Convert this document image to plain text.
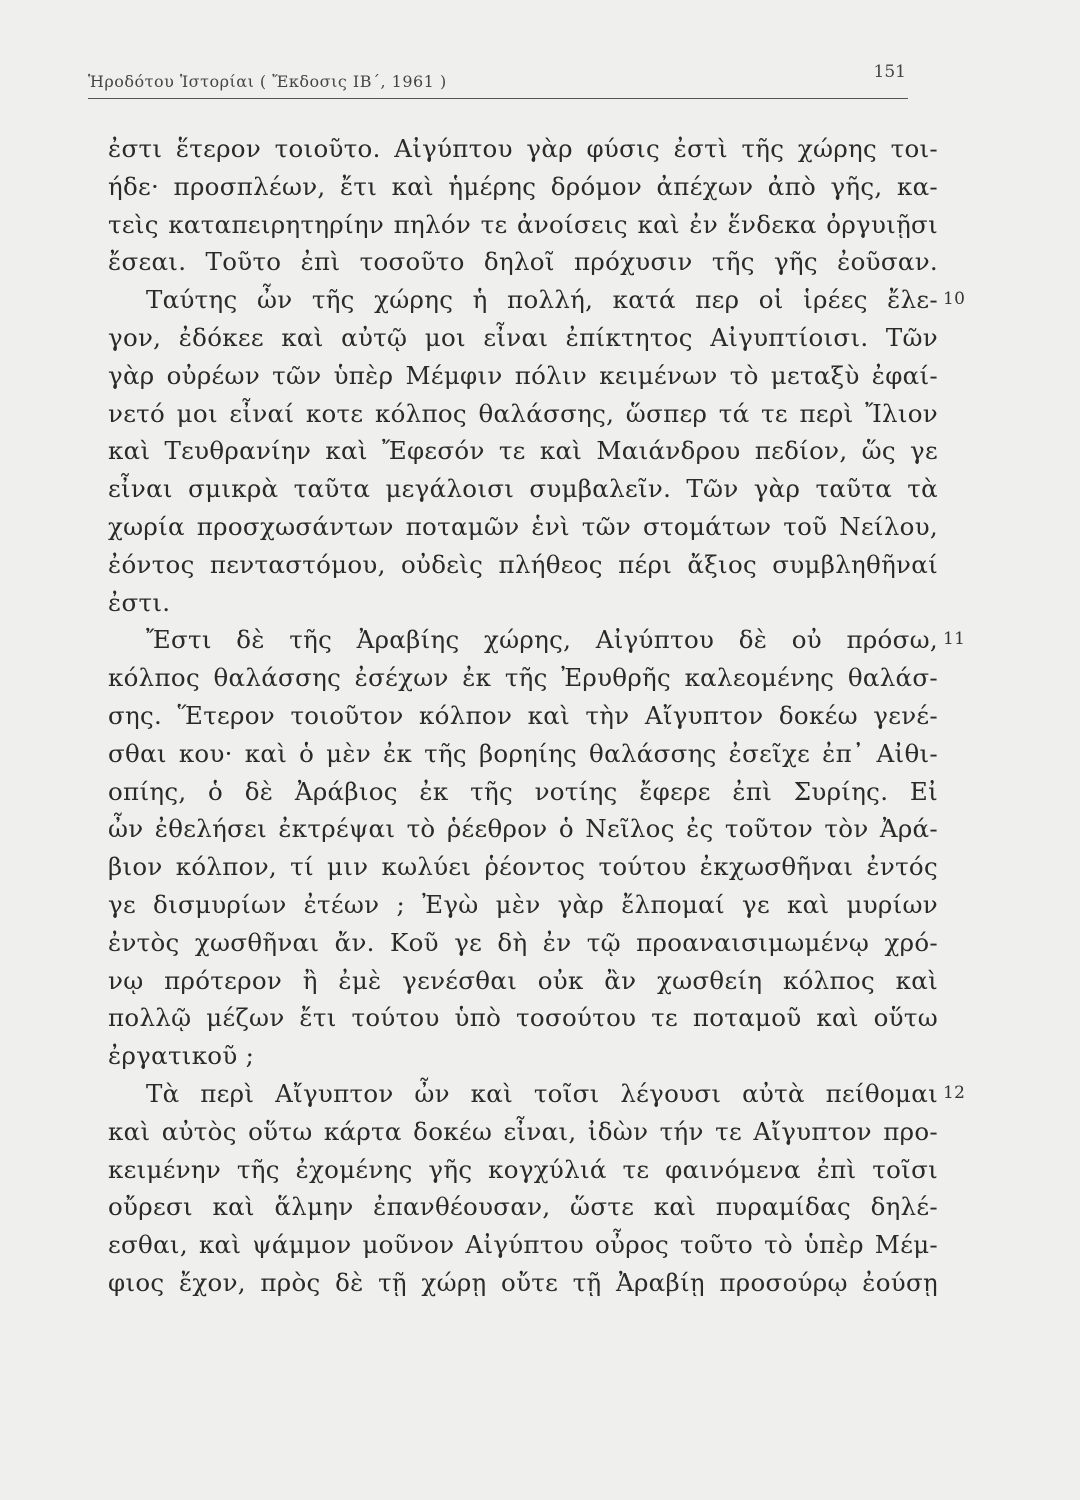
Ἡροδότου Ἱστορίαι ( Ἔκδοσις ΙΒ΄, 1961 )	151
ἐστι ἕτερον τοιοῦτο. Αἰγύπτου γὰρ φύσις ἐστὶ τῆς χώρης τοι-
ήδε· προσπλέων, ἔτι καὶ ἡμέρης δρόμον ἀπέχων ἀπὸ γῆς, κα-
τεὶς καταπειρητηρίην πηλόν τε ἀνοίσεις καὶ ἐν ἕνδεκα ὀργυιῇσι
ἔσεαι. Τοῦτο ἐπὶ τοσοῦτο δηλοῖ πρόχυσιν τῆς γῆς ἐοῦσαν.
Ταύτης ὦν τῆς χώρης ἡ πολλή, κατά περ οἱ ἱρέες ἔλε- 10
γον, ἐδόκεε καὶ αὐτῷ μοι εἶναι ἐπίκτητος Αἰγυπτίοισι. Τῶν
γὰρ οὐρέων τῶν ὑπὲρ Μέμφιν πόλιν κειμένων τὸ μεταξὺ ἐφαί-
νετό μοι εἶναί κοτε κόλπος θαλάσσης, ὥσπερ τά τε περὶ Ἴλιον
καὶ Τευθρανίην καὶ Ἔφεσόν τε καὶ Μαιάνδρου πεδίον, ὥς γε
εἶναι σμικρὰ ταῦτα μεγάλοισι συμβαλεῖν. Τῶν γὰρ ταῦτα τὰ
χωρία προσχωσάντων ποταμῶν ἑνὶ τῶν στομάτων τοῦ Νείλου,
ἐόντος πενταστόμου, οὐδεὶς πλήθεος πέρι ἄξιος συμβληθῆναί
ἐστι.
Ἔστι δὲ τῆς Ἀραβίης χώρης, Αἰγύπτου δὲ οὐ πρόσω, 11
κόλπος θαλάσσης ἐσέχων ἐκ τῆς Ἐρυθρῆς καλεομένης θαλάσ-
σης. Ἕτερον τοιοῦτον κόλπον καὶ τὴν Αἴγυπτον δοκέω γενέ-
σθαι κου· καὶ ὁ μὲν ἐκ τῆς βορηίης θαλάσσης ἐσεῖχε ἐπ᾽ Αἰθι-
οπίης, ὁ δὲ Ἀράβιος ἐκ τῆς νοτίης ἔφερε ἐπὶ Συρίης. Εἰ
ὦν ἐθελήσει ἐκτρέψαι τὸ ῥέεθρον ὁ Νεῖλος ἐς τοῦτον τὸν Ἀρά-
βιον κόλπον, τί μιν κωλύει ῥέοντος τούτου ἐκχωσθῆναι ἐντός
γε δισμυρίων ἐτέων ; Ἐγὼ μὲν γὰρ ἔλπομαί γε καὶ μυρίων
ἐντὸς χωσθῆναι ἄν. Κοῦ γε δὴ ἐν τῷ προαναισιμωμένῳ χρό-
νῳ πρότερον ἢ ἐμὲ γενέσθαι οὐκ ἂν χωσθείη κόλπος καὶ
πολλῷ μέζων ἔτι τούτου ὑπὸ τοσούτου τε ποταμοῦ καὶ οὕτω
ἐργατικοῦ ;
Τὰ περὶ Αἴγυπτον ὦν καὶ τοῖσι λέγουσι αὐτὰ πείθομαι 12
καὶ αὐτὸς οὕτω κάρτα δοκέω εἶναι, ἰδὼν τήν τε Αἴγυπτον προ-
κειμένην τῆς ἐχομένης γῆς κογχύλιά τε φαινόμενα ἐπὶ τοῖσι
οὔρεσι καὶ ἅλμην ἐπανθέουσαν, ὥστε καὶ πυραμίδας δηλέ-
εσθαι, καὶ ψάμμον μοῦνον Αἰγύπτου οὖρος τοῦτο τὸ ὑπὲρ Μέμ-
φιος ἔχον, πρὸς δὲ τῇ χώρῃ οὔτε τῇ Ἀραβίῃ προσούρῳ ἐούσῃ
